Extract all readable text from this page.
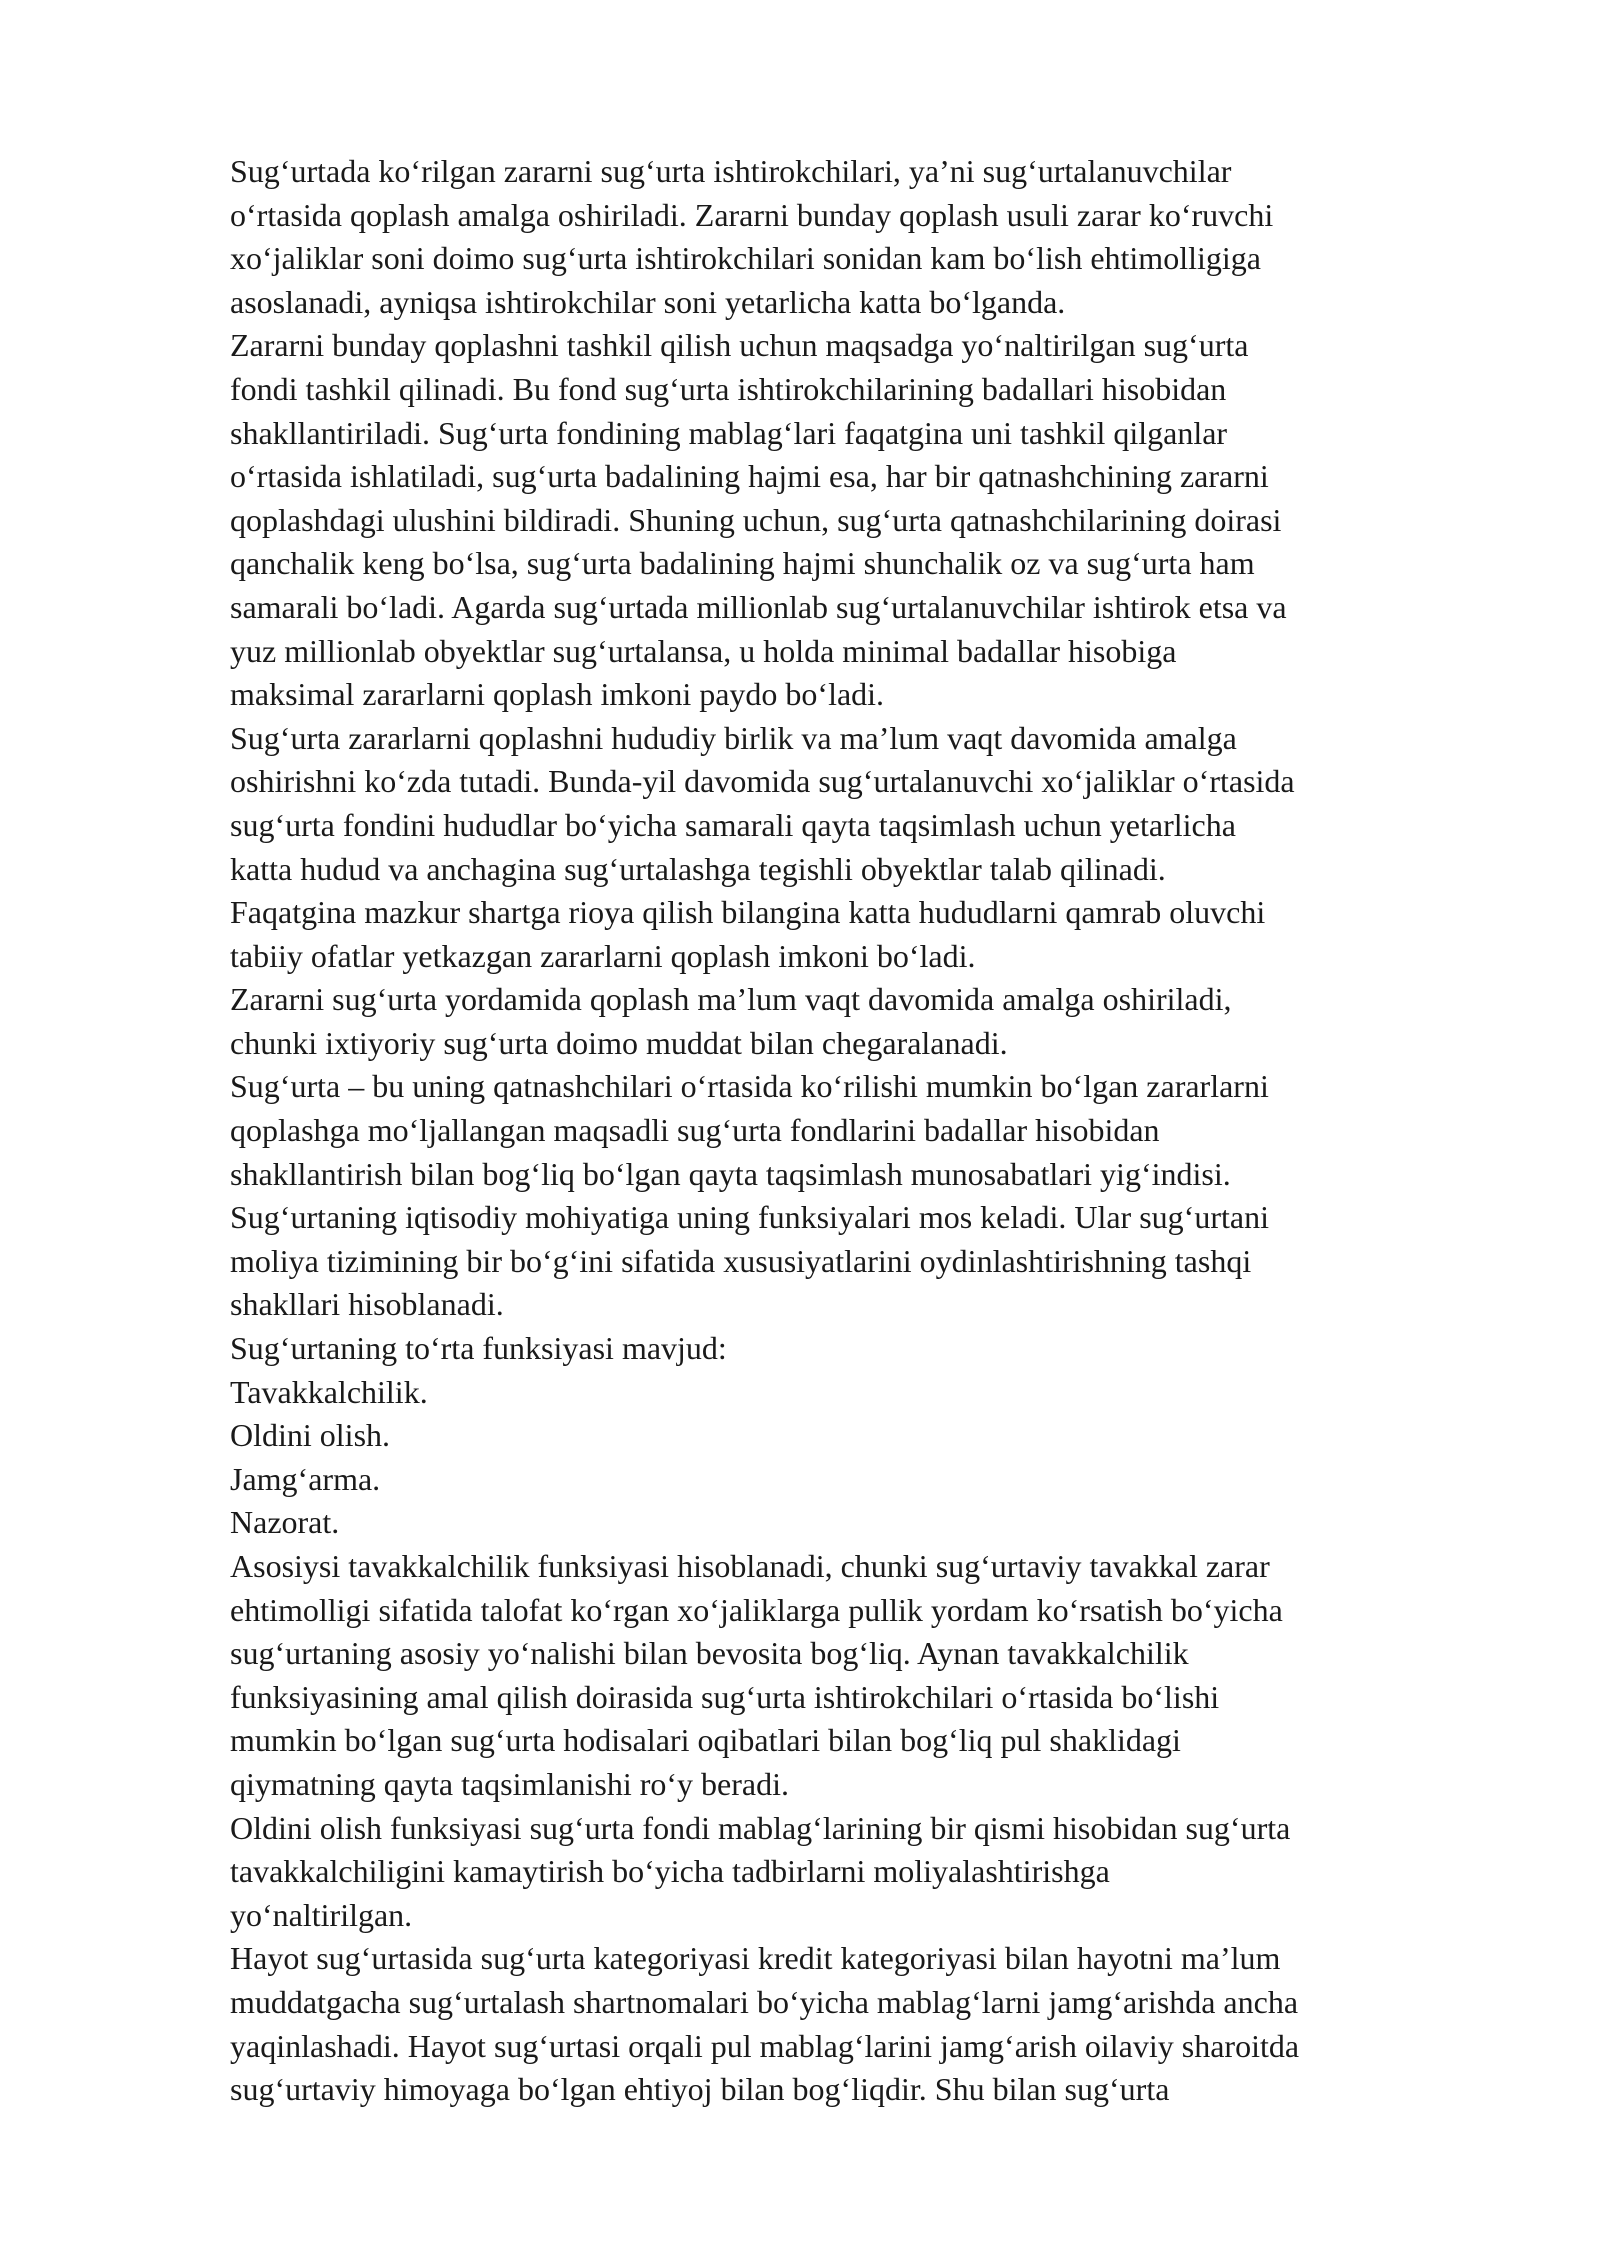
Sug‘urtada ko‘rilgan zararni sug‘urta ishtirokchilari, ya’ni sug‘urtalanuvchilar
o‘rtasida qoplash amalga oshiriladi. Zararni bunday qoplash usuli zarar ko‘ruvchi
xo‘jaliklar soni doimo sug‘urta ishtirokchilari sonidan kam bo‘lish ehtimolligiga
asoslanadi, ayniqsa ishtirokchilar soni yetarlicha katta bo‘lganda.

Zararni bunday qoplashni tashkil qilish uchun maqsadga yo‘naltirilgan sug‘urta
fondi tashkil qilinadi. Bu fond sug‘urta ishtirokchilarining badallari hisobidan
shakllantiriladi. Sug‘urta fondining mablag‘lari faqatgina uni tashkil qilganlar
o‘rtasida ishlatiladi, sug‘urta badalining hajmi esa, har bir qatnashchining zararni
qoplashdagi ulushini bildiradi. Shuning uchun, sug‘urta qatnashchilarining doirasi
qanchalik keng bo‘lsa, sug‘urta badalining hajmi shunchalik oz va sug‘urta ham
samarali bo‘ladi. Agarda sug‘urtada millionlab sug‘urtalanuvchilar ishtirok etsa va
yuz millionlab obyektlar sug‘urtalansa, u holda minimal badallar hisobiga
maksimal zararlarni qoplash imkoni paydo bo‘ladi.

Sug‘urta zararlarni qoplashni hududiy birlik va ma’lum vaqt davomida amalga
oshirishni ko‘zda tutadi. Bunda-yil davomida sug‘urtalanuvchi xo‘jaliklar o‘rtasida
sug‘urta fondini hududlar bo‘yicha samarali qayta taqsimlash uchun yetarlicha
katta hudud va anchagina sug‘urtalashga tegishli obyektlar talab qilinadi.

Faqatgina mazkur shartga rioya qilish bilangina katta hududlarni qamrab oluvchi
tabiiy ofatlar yetkazgan zararlarni qoplash imkoni bo‘ladi.

Zararni sug‘urta yordamida qoplash ma’lum vaqt davomida amalga oshiriladi,
chunki ixtiyoriy sug‘urta doimo muddat bilan chegaralanadi.

Sug‘urta – bu uning qatnashchilari o‘rtasida ko‘rilishi mumkin bo‘lgan zararlarni
qoplashga mo‘ljallangan maqsadli sug‘urta fondlarini badallar hisobidan
shakllantirish bilan bog‘liq bo‘lgan qayta taqsimlash munosabatlari yig‘indisi.

Sug‘urtaning iqtisodiy mohiyatiga uning funksiyalari mos keladi. Ular sug‘urtani
moliya tizimining bir bo‘g‘ini sifatida xususiyatlarini oydinlashtirishning tashqi
shakllari hisoblanadi.

Sug‘urtaning to‘rta funksiyasi mavjud:

Tavakkalchilik.

Oldini olish.

Jamg‘arma.

Nazorat.

Asosiysi tavakkalchilik funksiyasi hisoblanadi, chunki sug‘urtaviy tavakkal zarar
ehtimolligi sifatida talofat ko‘rgan xo‘jaliklarga pullik yordam ko‘rsatish bo‘yicha
sug‘urtaning asosiy yo‘nalishi bilan bevosita bog‘liq. Aynan tavakkalchilik
funksiyasining amal qilish doirasida sug‘urta ishtirokchilari o‘rtasida bo‘lishi
mumkin bo‘lgan sug‘urta hodisalari oqibatlari bilan bog‘liq pul shaklidagi
qiymatning qayta taqsimlanishi ro‘y beradi.

Oldini olish funksiyasi sug‘urta fondi mablag‘larining bir qismi hisobidan sug‘urta
tavakkalchiligini kamaytirish bo‘yicha tadbirlarni moliyalashtirishga
yo‘naltirilgan.

Hayot sug‘urtasida sug‘urta kategoriyasi kredit kategoriyasi bilan hayotni ma’lum
muddatgacha sug‘urtalash shartnomalari bo‘yicha mablag‘larni jamg‘arishda ancha
yaqinlashadi. Hayot sug‘urtasi orqali pul mablag‘larini jamg‘arish oilaviy sharoitda
sug‘urtaviy himoyaga bo‘lgan ehtiyoj bilan bog‘liqdir. Shu bilan sug‘urta
